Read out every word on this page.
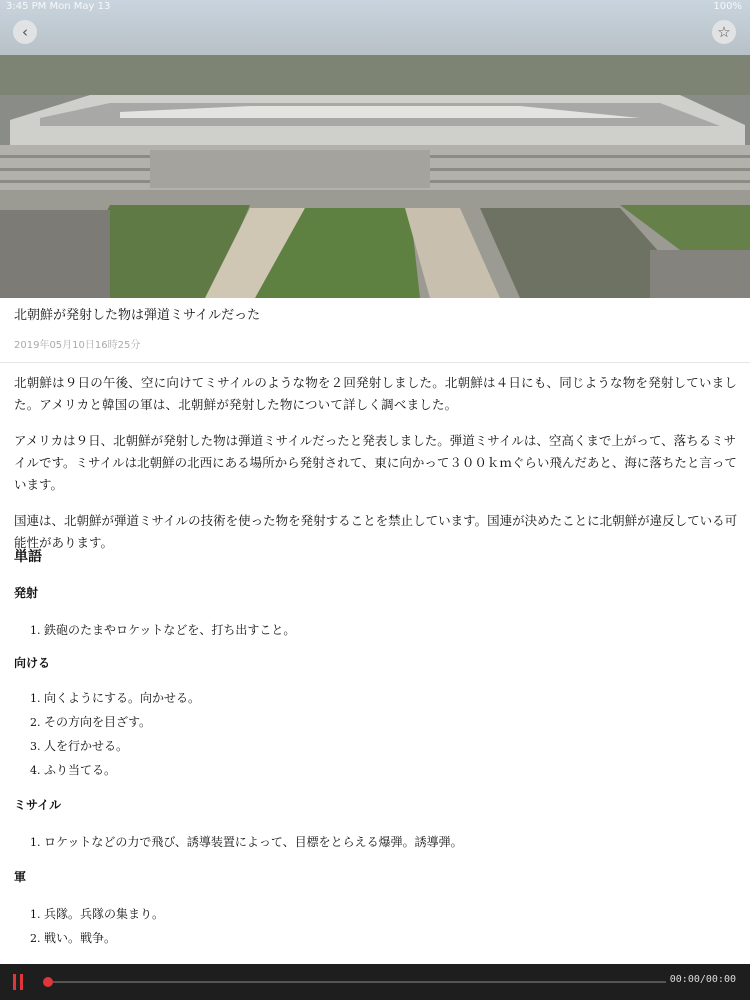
3:45 PM Mon May 13	100%
‹	☆
北朝鮮が発射した物は弾道ミサイルだった
2019年05月10日16時25分

北朝鮮は９日の午後、空に向けてミサイルのような物を２回発射しました。北朝鮮は４日にも、同じような物を発射していました。アメリカと韓国の軍は、北朝鮮が発射した物について詳しく調べました。

アメリカは９日、北朝鮮が発射した物は弾道ミサイルだったと発表しました。弾道ミサイルは、空高くまで上がって、落ちるミサイルです。ミサイルは北朝鮮の北西にある場所から発射されて、東に向かって３００ｋｍぐらい飛んだあと、海に落ちたと言っています。

国連は、北朝鮮が弾道ミサイルの技術を使った物を発射することを禁止しています。国連が決めたことに北朝鮮が違反している可能性があります。

単語
発射
1. 鉄砲のたまやロケットなどを、打ち出すこと。
向ける
1. 向くようにする。向かせる。
2. その方向を目ざす。
3. 人を行かせる。
4. ふり当てる。
ミサイル
1. ロケットなどの力で飛び、誘導装置によって、目標をとらえる爆弾。誘導弾。
軍
1. 兵隊。兵隊の集まり。
2. 戦い。戦争。
00:00/00:00
